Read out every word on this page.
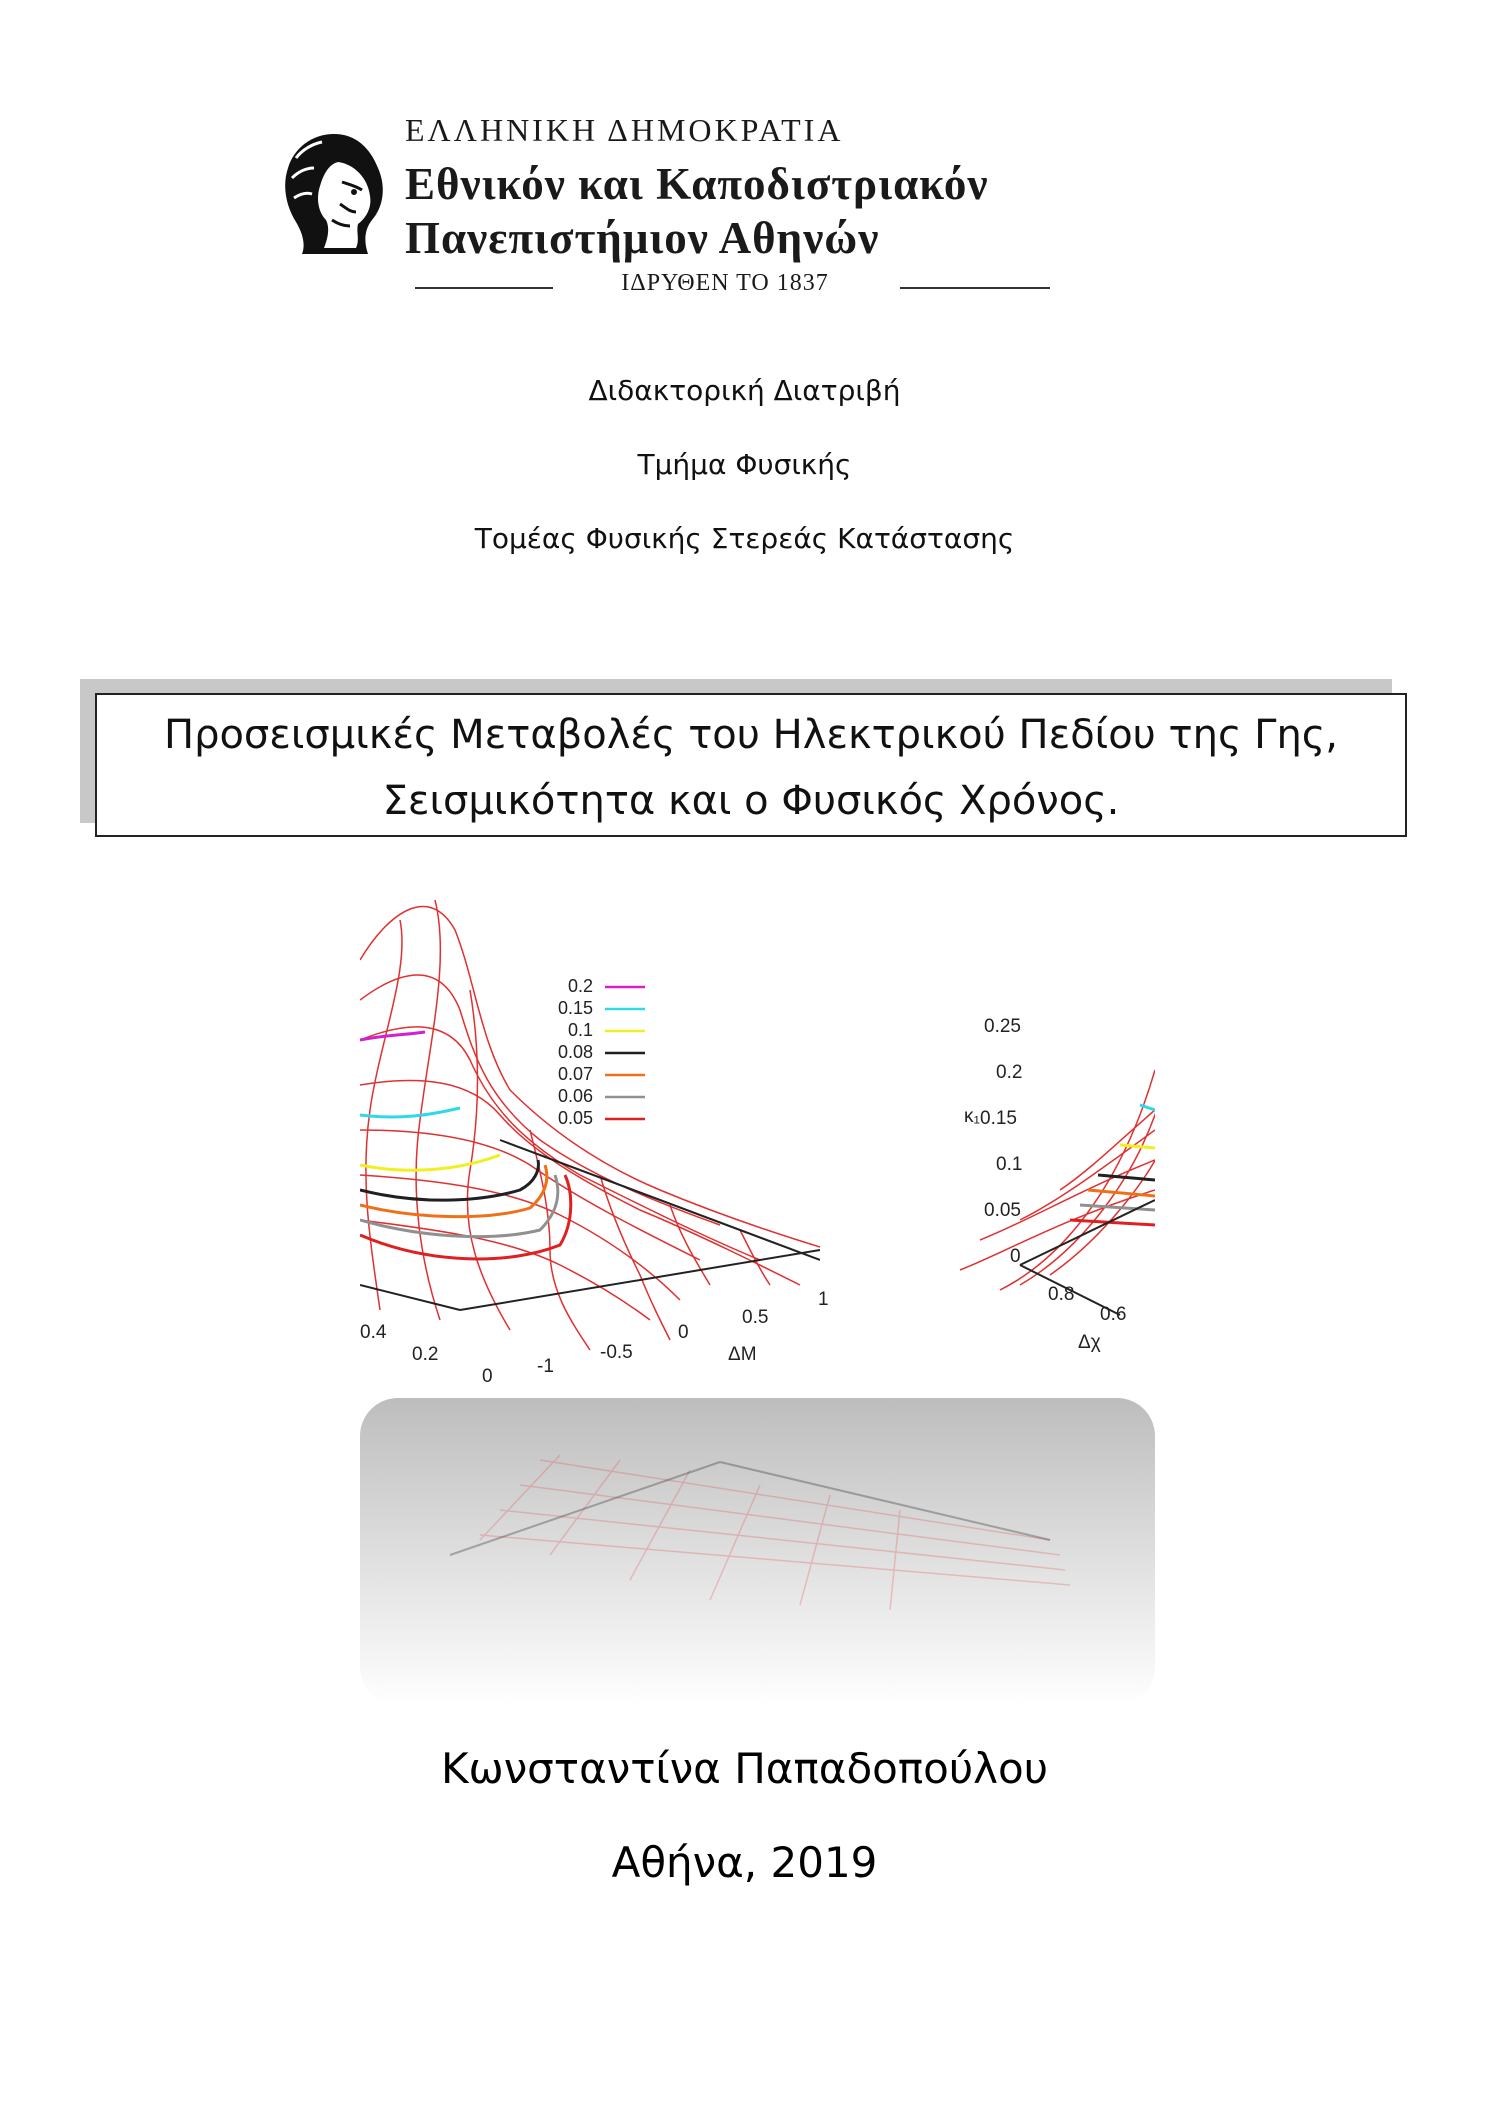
ΕΛΛΗΝΙΚΗ ΔΗΜΟΚΡΑΤΙΑ
Εθνικόν και Καποδιστριακόν
Πανεπιστήμιον Αθηνών
ΙΔΡΥΘΕΝ ΤΟ 1837
Διδακτορική Διατριβή
Τμήμα Φυσικής
Τομέας Φυσικής Στερεάς Κατάστασης
Προσεισμικές Μεταβολές του Ηλεκτρικού Πεδίου της Γης,
Σεισμικότητα και ο Φυσικός Χρόνος.
0.2
0.15
0.1
0.08
0.07
0.06
0.05
0.4
0.2
0 -1
-0.5
0
0.5
1
ΔΜ
0.25
0.2
0.15
0.1
0.05
0
κ₁
0.8
0.6
Δχ
Κωνσταντίνα Παπαδοπούλου
Αθήνα, 2019
